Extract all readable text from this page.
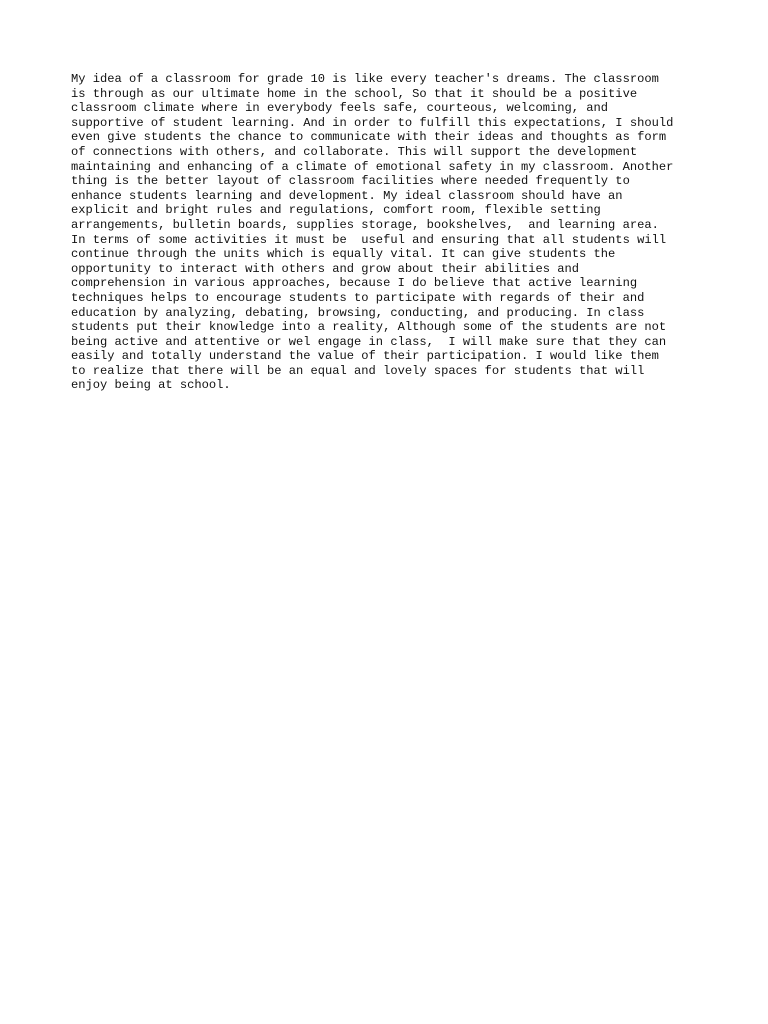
My idea of a classroom for grade 10 is like every teacher's dreams. The classroom
is through as our ultimate home in the school, So that it should be a positive
classroom climate where in everybody feels safe, courteous, welcoming, and
supportive of student learning. And in order to fulfill this expectations, I should
even give students the chance to communicate with their ideas and thoughts as form
of connections with others, and collaborate. This will support the development
maintaining and enhancing of a climate of emotional safety in my classroom. Another
thing is the better layout of classroom facilities where needed frequently to
enhance students learning and development. My ideal classroom should have an
explicit and bright rules and regulations, comfort room, flexible setting
arrangements, bulletin boards, supplies storage, bookshelves,  and learning area.
In terms of some activities it must be  useful and ensuring that all students will
continue through the units which is equally vital. It can give students the
opportunity to interact with others and grow about their abilities and
comprehension in various approaches, because I do believe that active learning
techniques helps to encourage students to participate with regards of their and
education by analyzing, debating, browsing, conducting, and producing. In class
students put their knowledge into a reality, Although some of the students are not
being active and attentive or wel engage in class,  I will make sure that they can
easily and totally understand the value of their participation. I would like them
to realize that there will be an equal and lovely spaces for students that will
enjoy being at school.
